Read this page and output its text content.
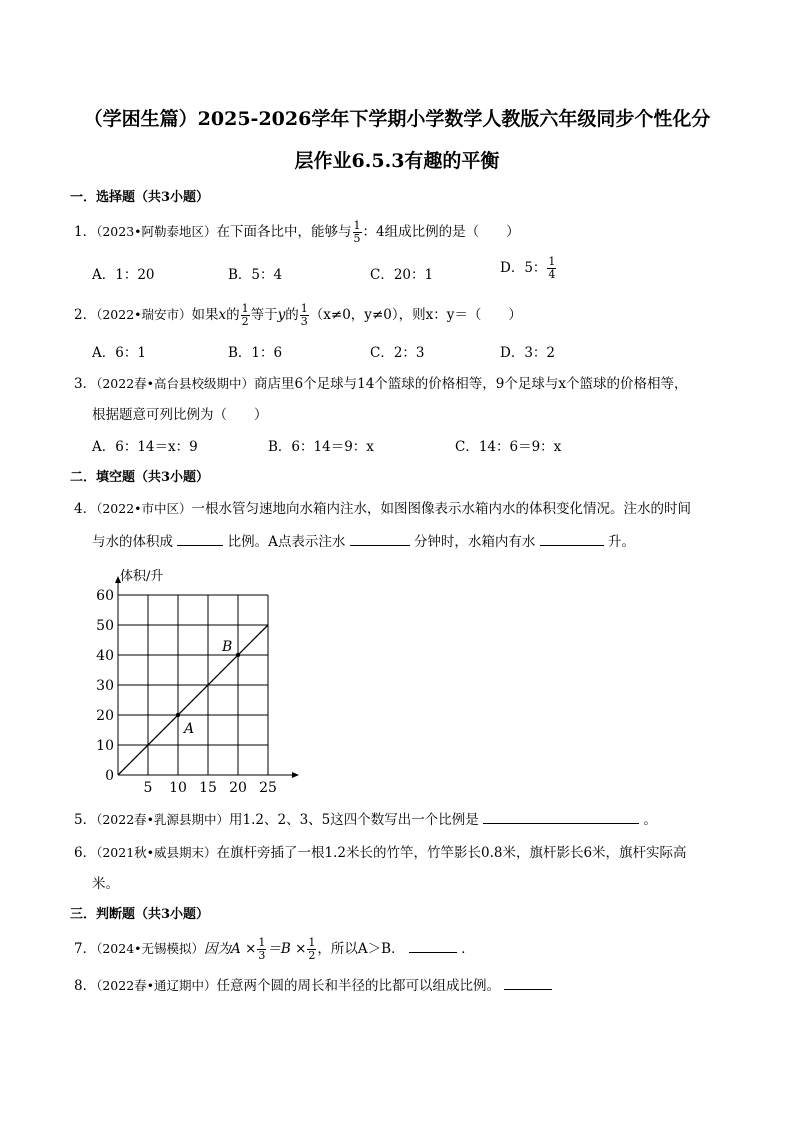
（学困生篇）2025-2026学年下学期小学数学人教版六年级同步个性化分
层作业6.5.3有趣的平衡
一．选择题（共3小题）
1．（2023•阿勒泰地区）在下面各比中，能够与 $\frac{1}{5}$ ：4组成比例的是（　　）
A．1：20	B．5：4	C．20：1	D．5： $\frac{1}{4}$
2．（2022•瑞安市）如果x的 $\frac{1}{2}$ 等于y的 $\frac{1}{3} (x\ne 0$，y≠0），则x：y＝（　　）
A．6：1	B．1：6	C．2：3	D．3：2
3．（2022春•高台县校级期中）商店里6个足球与14个篮球的价格相等，9个足球与x个篮球的价格相等，
根据题意可列比例为（　　）
A．6：14＝x：9	B．6：14＝9：x	C．14：6＝9：x
二．填空题（共3小题）
4．（2022•市中区）一根水管匀速地向水箱内注水，如图图像表示水箱内水的体积变化情况。注水的时间
与水的体积成	比例。A点表示注水	分钟时，水箱内有水	升。
体积/升
5 10 15 20 25
0
10
20
30
40
50
60
A
B
5．（2022春•乳源县期中）用1.2、2、3、5这四个数写出一个比例是	。
6．（2021秋•威县期末）在旗杆旁插了一根1.2米长的竹竿，竹竿影长0.8米，旗杆影长6米，旗杆实际高
米。
三．判断题（共3小题）
7．（2024•无锡模拟）因为$A \times \frac{1}{3} =B \times \frac{1}{2}$ ，所以A＞B．	．
8．（2022春•通辽期中）任意两个圆的周长和半径的比都可以组成比例。
